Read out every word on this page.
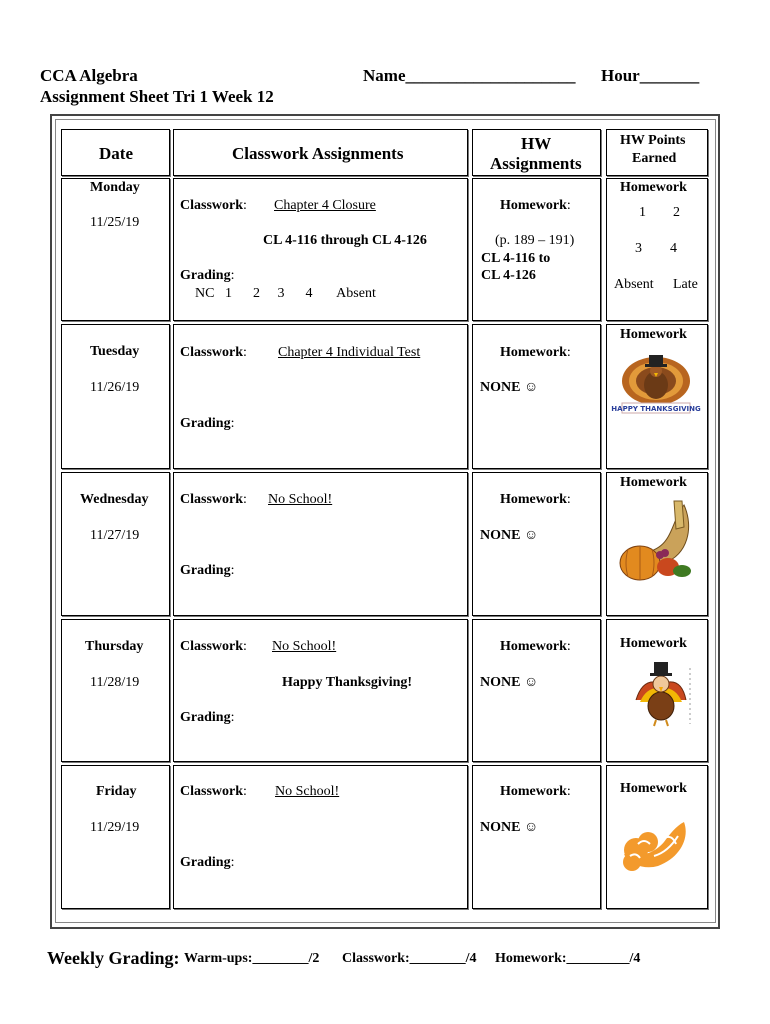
CCA Algebra
Assignment Sheet Tri 1 Week 12
Name____________________ Hour_______
Date	Classwork Assignments
HW
Assignments
HW Points
Earned
Monday
11/25/19
Classwork: Chapter 4 Closure
CL 4-116 through CL 4-126
Grading:
NC   1      2     3      4       Absent
Homework:
(p. 189 – 191)
CL 4-116 to
CL 4-126
Homework
1 2
3 4
Absent Late
Tuesday
11/26/19
Classwork: Chapter 4 Individual Test
Grading:
Homework:
NONE ☺
Homework
HAPPY THANKSGIVING
Wednesday
11/27/19
Classwork: No School!
Grading:
Homework:
NONE ☺
Homework
Thursday
11/28/19
Classwork: No School!
Happy Thanksgiving!
Grading:
Homework:
NONE ☺
Homework
Friday
11/29/19
Classwork: No School!
Grading:
Homework:
NONE ☺
Homework
Weekly Grading: Warm-ups:________/2 Classwork:________/4 Homework:_________/4
